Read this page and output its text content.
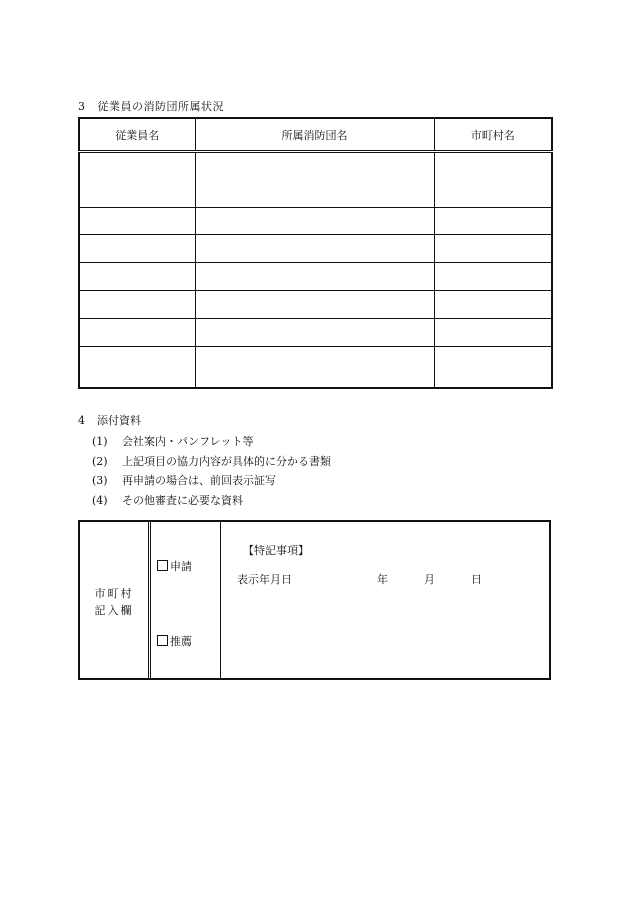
3 従業員の消防団所属状況
従業員名	所属消防団名	市町村名

4 添付資料
(1) 会社案内・パンフレット等
(2) 上記項目の協力内容が具体的に分かる書類
(3) 再申請の場合は、前回表示証写
(4) その他審査に必要な資料
市町村
記入欄
申請
推薦
【特記事項】
表示年月日	年	月	日
